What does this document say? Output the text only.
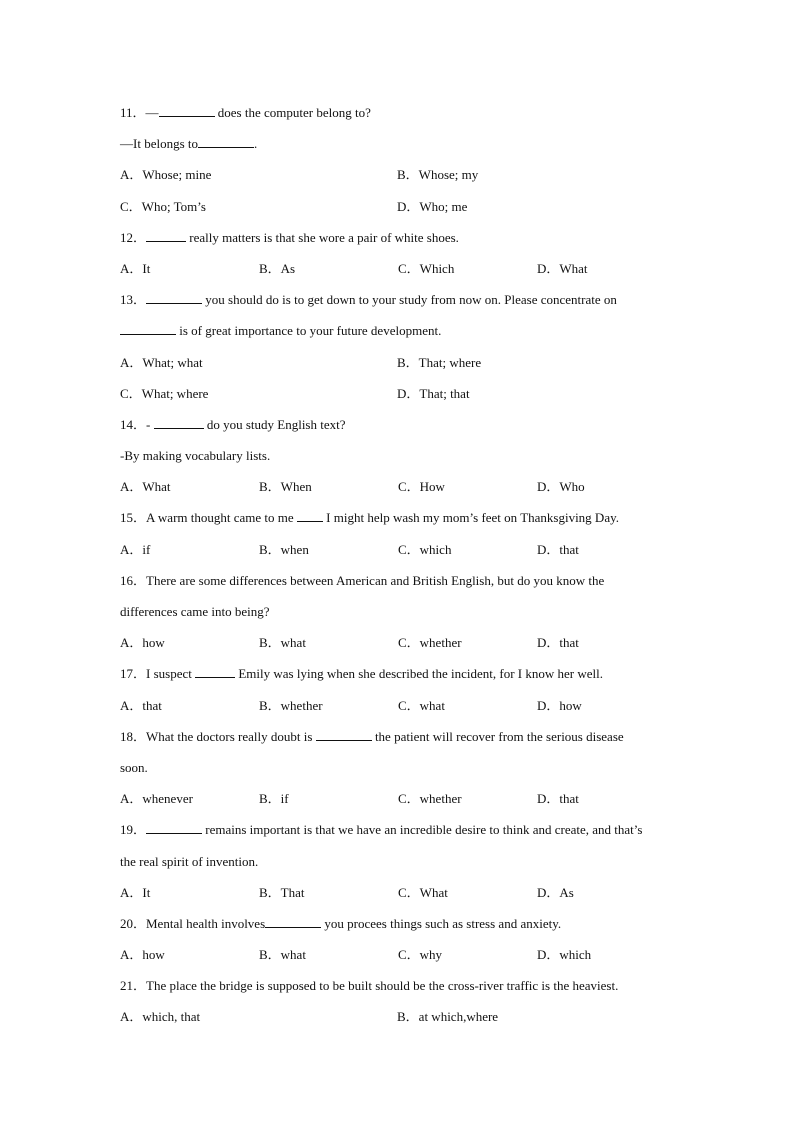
11．—	does the computer belong to?
—It belongs to	.
A．Whose; mine	B．Whose; my
C．Who; Tom’s	D．Who; me
12．	really matters is that she wore a pair of white shoes.
A．It	B．As	C．Which	D．What
13．	you should do is to get down to your study from now on. Please concentrate on
is of great importance to your future development.
A．What; what	B．That; where
C．What; where	D．That; that
14．-	do you study English text?
-By making vocabulary lists.
A．What	B．When	C．How	D．Who
15．A warm thought came to me  I might help wash my mom’s feet on Thanksgiving Day.
A．if	B．when	C．which	D．that
16．There are some differences between American and British English, but do you know the
differences came into being?
A．how	B．what	C．whether	D．that
17．I suspect	Emily was lying when she described the incident, for I know her well.
A．that	B．whether	C．what	D．how
18．What the doctors really doubt is	the patient will recover from the serious disease
soon.
A．whenever	B．if	C．whether	D．that
19．	remains important is that we have an incredible desire to think and create, and that’s
the real spirit of invention.
A．It	B．That	C．What	D．As
20．Mental health involves	you procees things such as stress and anxiety.
A．how	B．what	C．why	D．which
21．The place the bridge is supposed to be built should be the cross-river traffic is the heaviest.
A．which, that	B．at which,where
